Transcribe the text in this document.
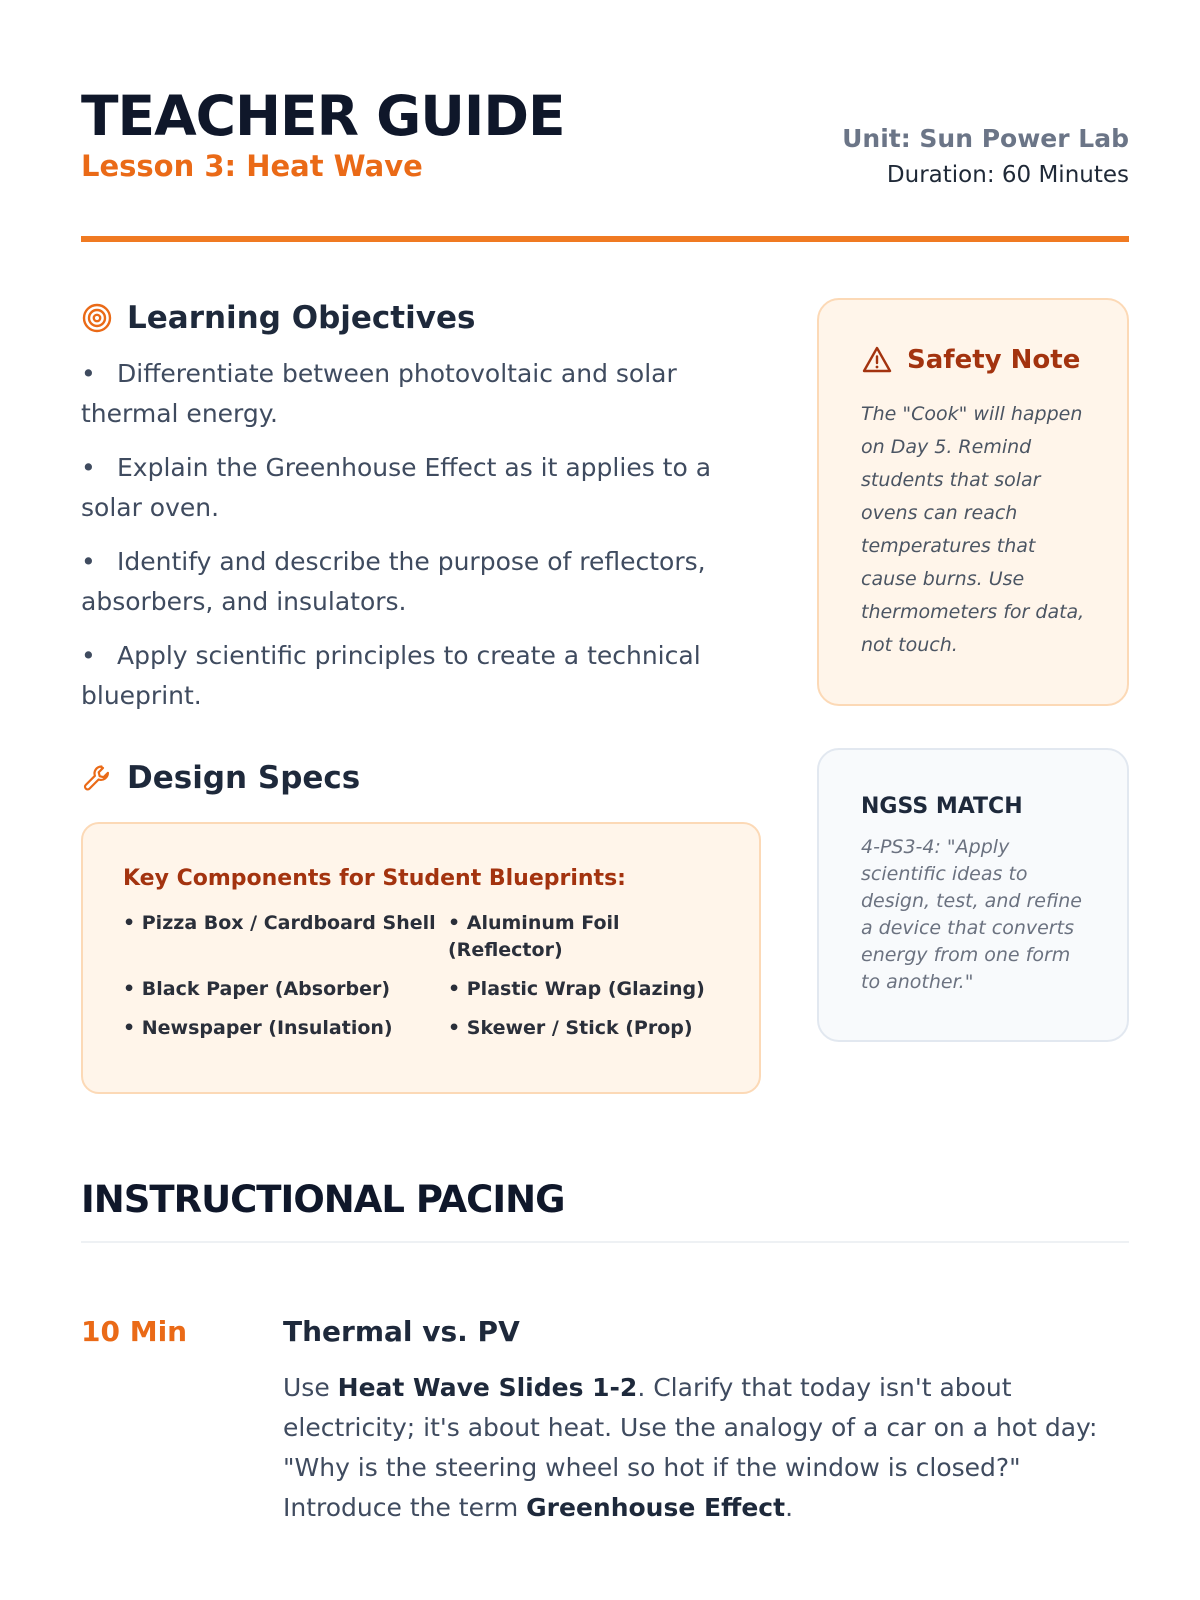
TEACHER GUIDE
Lesson 3: Heat Wave
Unit: Sun Power Lab
Duration: 60 Minutes
Learning Objectives
• Differentiate between photovoltaic and solar thermal energy.
• Explain the Greenhouse Effect as it applies to a solar oven.
• Identify and describe the purpose of reflectors, absorbers, and insulators.
• Apply scientific principles to create a technical blueprint.
Design Specs
Key Components for Student Blueprints:
• Pizza Box / Cardboard Shell • Aluminum Foil (Reflector)
• Black Paper (Absorber)	• Plastic Wrap (Glazing)
• Newspaper (Insulation)	• Skewer / Stick (Prop)
Safety Note
The "Cook" will happen on Day 5. Remind students that solar ovens can reach temperatures that cause burns. Use thermometers for data, not touch.
NGSS MATCH
4-PS3-4: "Apply scientific ideas to design, test, and refine a device that converts energy from one form to another."
INSTRUCTIONAL PACING
10 Min	Thermal vs. PV
Use Heat Wave Slides 1-2. Clarify that today isn't about electricity; it's about heat. Use the analogy of a car on a hot day: "Why is the steering wheel so hot if the window is closed?" Introduce the term Greenhouse Effect.
